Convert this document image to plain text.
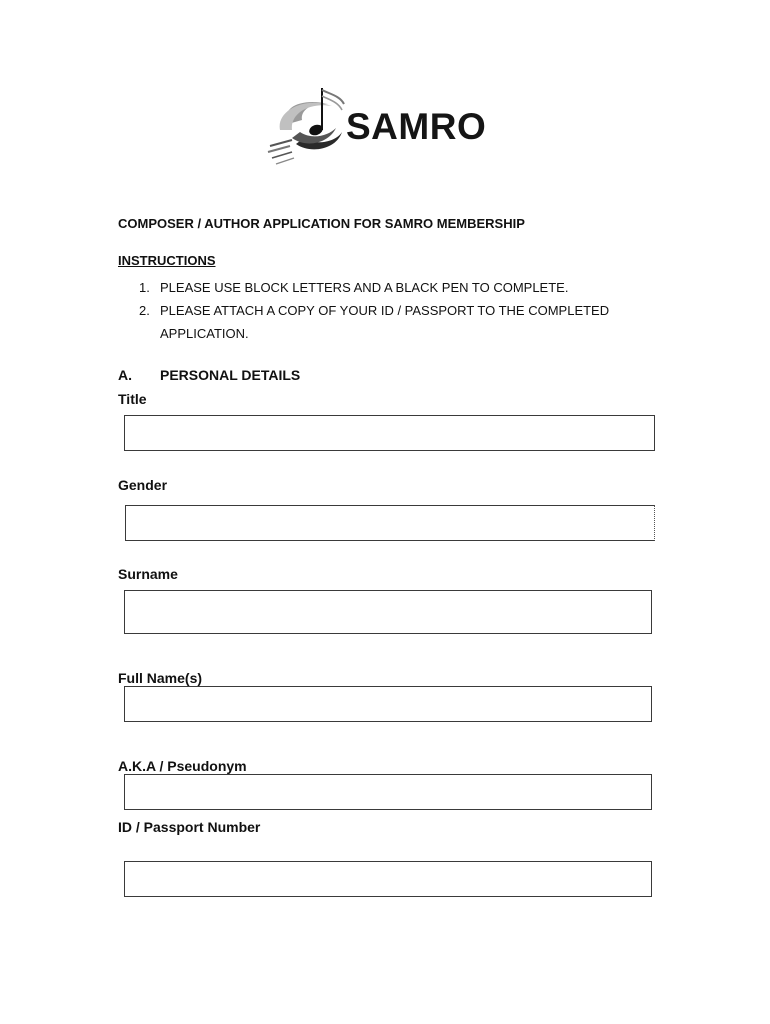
SAMRO
COMPOSER / AUTHOR APPLICATION FOR SAMRO MEMBERSHIP
INSTRUCTIONS
1. PLEASE USE BLOCK LETTERS AND A BLACK PEN TO COMPLETE.
2. PLEASE ATTACH A COPY OF YOUR ID / PASSPORT TO THE COMPLETED
APPLICATION.
A. PERSONAL DETAILS
Title
Gender
Surname
Full Name(s)
A.K.A / Pseudonym
ID / Passport Number
